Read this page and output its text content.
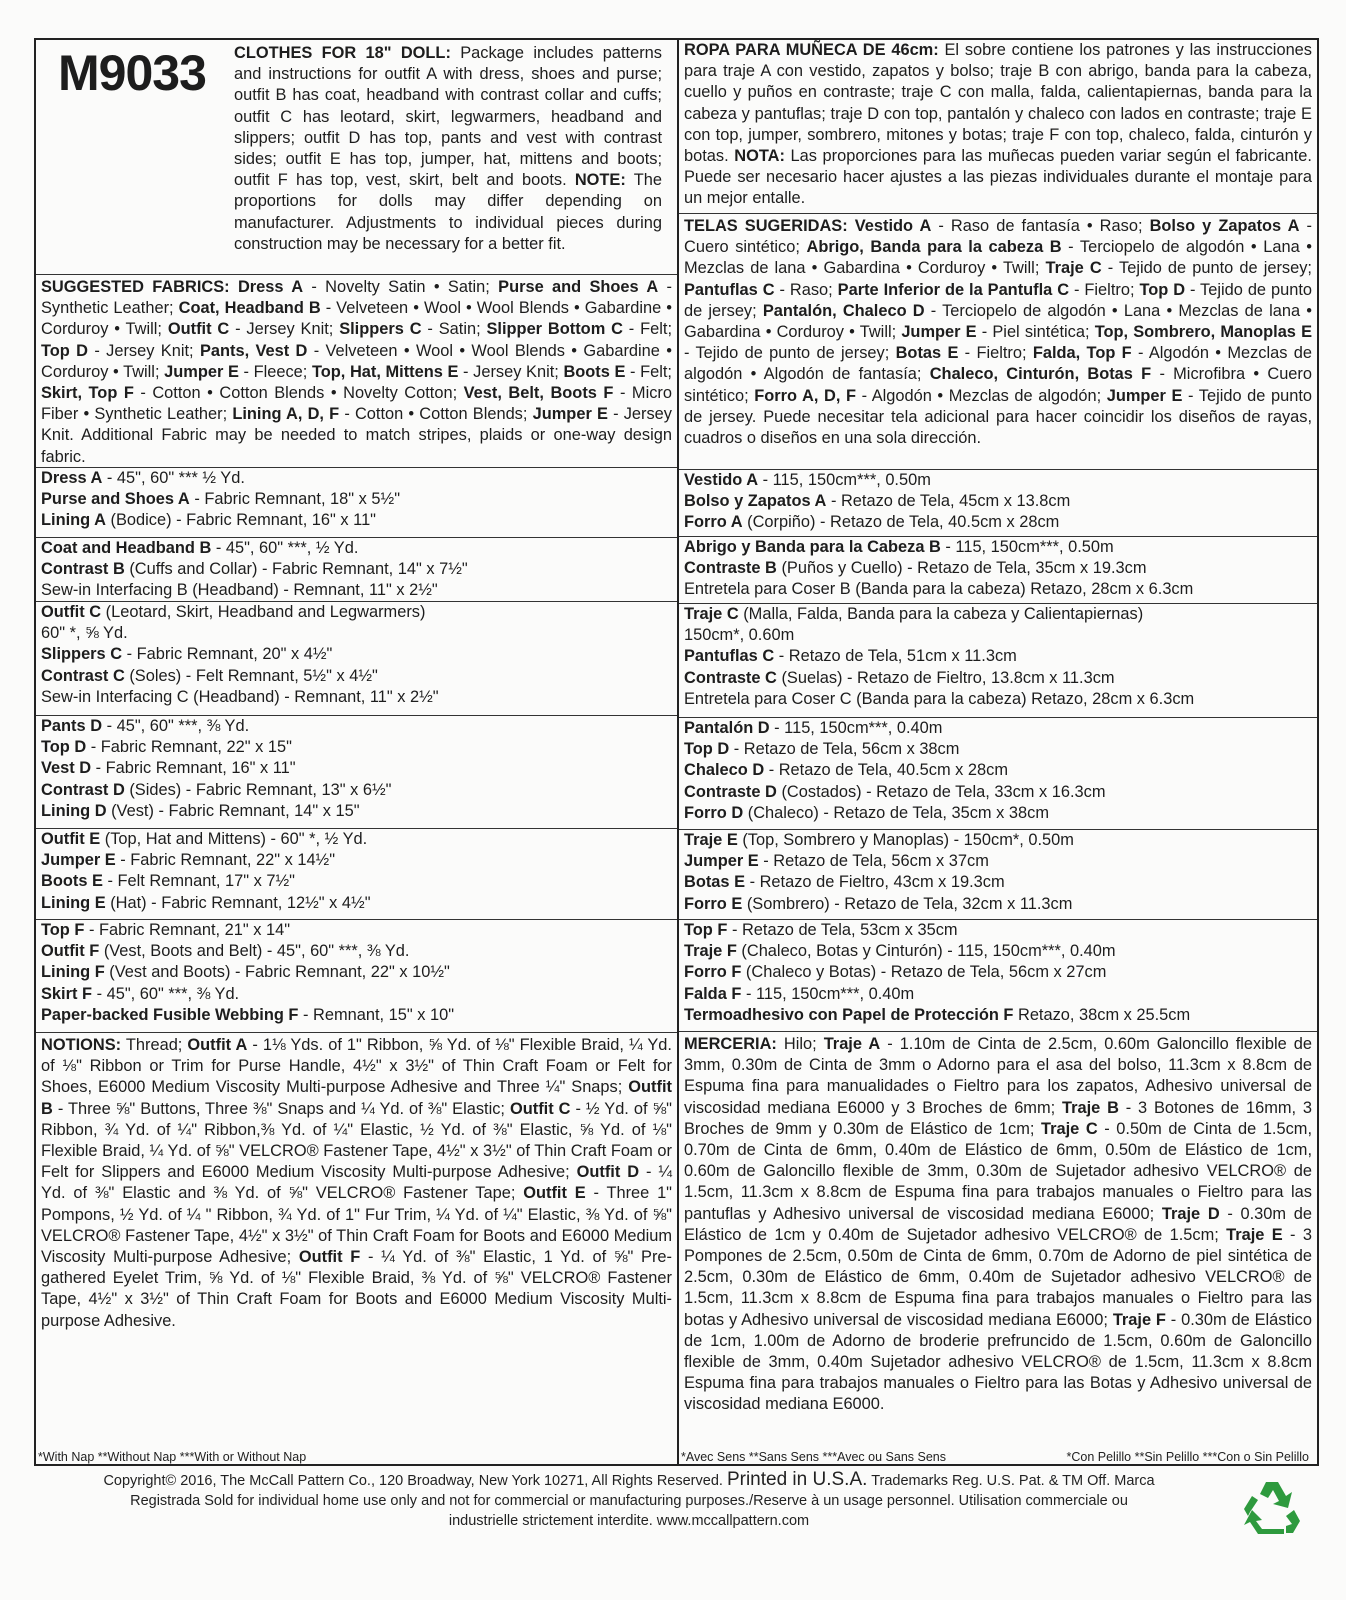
M9033 CLOTHES FOR 18" DOLL: Package includes patterns and instructions for outfit A with dress, shoes and purse; outfit B has coat, headband with contrast collar and cuffs; outfit C has leotard, skirt, legwarmers, headband and slippers; outfit D has top, pants and vest with contrast sides; outfit E has top, jumper, hat, mittens and boots; outfit F has top, vest, skirt, belt and boots. NOTE: The proportions for dolls may differ depending on manufacturer. Adjustments to individual pieces during construction may be necessary for a better fit.
SUGGESTED FABRICS: Dress A - Novelty Satin • Satin; Purse and Shoes A - Synthetic Leather; Coat, Headband B - Velveteen • Wool • Wool Blends • Gabardine • Corduroy • Twill; Outfit C - Jersey Knit; Slippers C - Satin; Slipper Bottom C - Felt; Top D - Jersey Knit; Pants, Vest D - Velveteen • Wool • Wool Blends • Gabardine • Corduroy • Twill; Jumper E - Fleece; Top, Hat, Mittens E - Jersey Knit; Boots E - Felt; Skirt, Top F - Cotton • Cotton Blends • Novelty Cotton; Vest, Belt, Boots F - Micro Fiber • Synthetic Leather; Lining A, D, F - Cotton • Cotton Blends; Jumper E - Jersey Knit. Additional Fabric may be needed to match stripes, plaids or one-way design fabric.
Dress A - 45", 60" *** ½ Yd.
Purse and Shoes A - Fabric Remnant, 18" x 5½"
Lining A (Bodice) - Fabric Remnant, 16" x 11"
Coat and Headband B - 45", 60" ***, ½ Yd.
Contrast B (Cuffs and Collar) - Fabric Remnant, 14" x 7½"
Sew-in Interfacing B (Headband) - Remnant, 11" x 2½"
Outfit C (Leotard, Skirt, Headband and Legwarmers)
60" *, ⅝ Yd.
Slippers C - Fabric Remnant, 20" x 4½"
Contrast C (Soles) - Felt Remnant, 5½" x 4½"
Sew-in Interfacing C (Headband) - Remnant, 11" x 2½"
Pants D - 45", 60" ***, ⅜ Yd.
Top D - Fabric Remnant, 22" x 15"
Vest D - Fabric Remnant, 16" x 11"
Contrast D (Sides) - Fabric Remnant, 13" x 6½"
Lining D (Vest) - Fabric Remnant, 14" x 15"
Outfit E (Top, Hat and Mittens) - 60" *, ½ Yd.
Jumper E - Fabric Remnant, 22" x 14½"
Boots E - Felt Remnant, 17" x 7½"
Lining E (Hat) - Fabric Remnant, 12½" x 4½"
Top F - Fabric Remnant, 21" x 14"
Outfit F (Vest, Boots and Belt) - 45", 60" ***, ⅜ Yd.
Lining F (Vest and Boots) - Fabric Remnant, 22" x 10½"
Skirt F - 45", 60" ***, ⅜ Yd.
Paper-backed Fusible Webbing F - Remnant, 15" x 10"
NOTIONS: Thread; Outfit A - 1⅛ Yds. of 1" Ribbon, ⅝ Yd. of ⅛" Flexible Braid, ¼ Yd. of ⅛" Ribbon or Trim for Purse Handle, 4½" x 3½" of Thin Craft Foam or Felt for Shoes, E6000 Medium Viscosity Multi-purpose Adhesive and Three ¼" Snaps; Outfit B - Three ⅝" Buttons, Three ⅜" Snaps and ¼ Yd. of ⅜" Elastic; Outfit C - ½ Yd. of ⅝" Ribbon, ¾ Yd. of ¼" Ribbon,⅜ Yd. of ¼" Elastic, ½ Yd. of ⅜" Elastic, ⅝ Yd. of ⅛" Flexible Braid, ¼ Yd. of ⅝" VELCRO® Fastener Tape, 4½" x 3½" of Thin Craft Foam or Felt for Slippers and E6000 Medium Viscosity Multi-purpose Adhesive; Outfit D - ¼ Yd. of ⅜" Elastic and ⅜ Yd. of ⅝" VELCRO® Fastener Tape; Outfit E - Three 1" Pompons, ½ Yd. of ¼ " Ribbon, ¾ Yd. of 1" Fur Trim, ¼ Yd. of ¼" Elastic, ⅜ Yd. of ⅝" VELCRO® Fastener Tape, 4½" x 3½" of Thin Craft Foam for Boots and E6000 Medium Viscosity Multi-purpose Adhesive; Outfit F - ¼ Yd. of ⅜" Elastic, 1 Yd. of ⅝" Pre-gathered Eyelet Trim, ⅝ Yd. of ⅛" Flexible Braid, ⅜ Yd. of ⅝" VELCRO® Fastener Tape, 4½" x 3½" of Thin Craft Foam for Boots and E6000 Medium Viscosity Multi-purpose Adhesive.
*With Nap **Without Nap ***With or Without Nap
ROPA PARA MUÑECA DE 46cm: El sobre contiene los patrones y las instrucciones para traje A con vestido, zapatos y bolso; traje B con abrigo, banda para la cabeza, cuello y puños en contraste; traje C con malla, falda, calientapiernas, banda para la cabeza y pantuflas; traje D con top, pantalón y chaleco con lados en contraste; traje E con top, jumper, sombrero, mitones y botas; traje F con top, chaleco, falda, cinturón y botas. NOTA: Las proporciones para las muñecas pueden variar según el fabricante. Puede ser necesario hacer ajustes a las piezas individuales durante el montaje para un mejor entalle.
TELAS SUGERIDAS: Vestido A - Raso de fantasía • Raso; Bolso y Zapatos A - Cuero sintético; Abrigo, Banda para la cabeza B - Terciopelo de algodón • Lana • Mezclas de lana • Gabardina • Corduroy • Twill; Traje C - Tejido de punto de jersey; Pantuflas C - Raso; Parte Inferior de la Pantufla C - Fieltro; Top D - Tejido de punto de jersey; Pantalón, Chaleco D - Terciopelo de algodón • Lana • Mezclas de lana • Gabardina • Corduroy • Twill; Jumper E - Piel sintética; Top, Sombrero, Manoplas E - Tejido de punto de jersey; Botas E - Fieltro; Falda, Top F - Algodón • Mezclas de algodón • Algodón de fantasía; Chaleco, Cinturón, Botas F - Microfibra • Cuero sintético; Forro A, D, F - Algodón • Mezclas de algodón; Jumper E - Tejido de punto de jersey. Puede necesitar tela adicional para hacer coincidir los diseños de rayas, cuadros o diseños en una sola dirección.
Vestido A - 115, 150cm***, 0.50m
Bolso y Zapatos A - Retazo de Tela, 45cm x 13.8cm
Forro A (Corpiño) - Retazo de Tela, 40.5cm x 28cm
Abrigo y Banda para la Cabeza B - 115, 150cm***, 0.50m
Contraste B (Puños y Cuello) - Retazo de Tela, 35cm x 19.3cm
Entretela para Coser B (Banda para la cabeza) Retazo, 28cm x 6.3cm
Traje C (Malla, Falda, Banda para la cabeza y Calientapiernas)
150cm*, 0.60m
Pantuflas C - Retazo de Tela, 51cm x 11.3cm
Contraste C (Suelas) - Retazo de Fieltro, 13.8cm x 11.3cm
Entretela para Coser C (Banda para la cabeza) Retazo, 28cm x 6.3cm
Pantalón D - 115, 150cm***, 0.40m
Top D - Retazo de Tela, 56cm x 38cm
Chaleco D - Retazo de Tela, 40.5cm x 28cm
Contraste D (Costados) - Retazo de Tela, 33cm x 16.3cm
Forro D (Chaleco) - Retazo de Tela, 35cm x 38cm
Traje E (Top, Sombrero y Manoplas) - 150cm*, 0.50m
Jumper E - Retazo de Tela, 56cm x 37cm
Botas E - Retazo de Fieltro, 43cm x 19.3cm
Forro E (Sombrero) - Retazo de Tela, 32cm x 11.3cm
Top F - Retazo de Tela, 53cm x 35cm
Traje F (Chaleco, Botas y Cinturón) - 115, 150cm***, 0.40m
Forro F (Chaleco y Botas) - Retazo de Tela, 56cm x 27cm
Falda F - 115, 150cm***, 0.40m
Termoadhesivo con Papel de Protección F Retazo, 38cm x 25.5cm
MERCERIA: Hilo; Traje A - 1.10m de Cinta de 2.5cm, 0.60m Galoncillo flexible de 3mm, 0.30m de Cinta de 3mm o Adorno para el asa del bolso, 11.3cm x 8.8cm de Espuma fina para manualidades o Fieltro para los zapatos, Adhesivo universal de viscosidad mediana E6000 y 3 Broches de 6mm; Traje B - 3 Botones de 16mm, 3 Broches de 9mm y 0.30m de Elástico de 1cm; Traje C - 0.50m de Cinta de 1.5cm, 0.70m de Cinta de 6mm, 0.40m de Elástico de 6mm, 0.50m de Elástico de 1cm, 0.60m de Galoncillo flexible de 3mm, 0.30m de Sujetador adhesivo VELCRO® de 1.5cm, 11.3cm x 8.8cm de Espuma fina para trabajos manuales o Fieltro para las pantuflas y Adhesivo universal de viscosidad mediana E6000; Traje D - 0.30m de Elástico de 1cm y 0.40m de Sujetador adhesivo VELCRO® de 1.5cm; Traje E - 3 Pompones de 2.5cm, 0.50m de Cinta de 6mm, 0.70m de Adorno de piel sintética de 2.5cm, 0.30m de Elástico de 6mm, 0.40m de Sujetador adhesivo VELCRO® de 1.5cm, 11.3cm x 8.8cm de Espuma fina para trabajos manuales o Fieltro para las botas y Adhesivo universal de viscosidad mediana E6000; Traje F - 0.30m de Elástico de 1cm, 1.00m de Adorno de broderie prefruncido de 1.5cm, 0.60m de Galoncillo flexible de 3mm, 0.40m Sujetador adhesivo VELCRO® de 1.5cm, 11.3cm x 8.8cm Espuma fina para trabajos manuales o Fieltro para las Botas y Adhesivo universal de viscosidad mediana E6000.
*Avec Sens **Sans Sens ***Avec ou Sans Sens	*Con Pelillo **Sin Pelillo ***Con o Sin Pelillo
Copyright© 2016, The McCall Pattern Co., 120 Broadway, New York 10271, All Rights Reserved. Printed in U.S.A. Trademarks Reg. U.S. Pat. & TM Off. Marca
Registrada Sold for individual home use only and not for commercial or manufacturing purposes./Reserve à un usage personnel. Utilisation commerciale ou
industrielle strictement interdite. www.mccallpattern.com
